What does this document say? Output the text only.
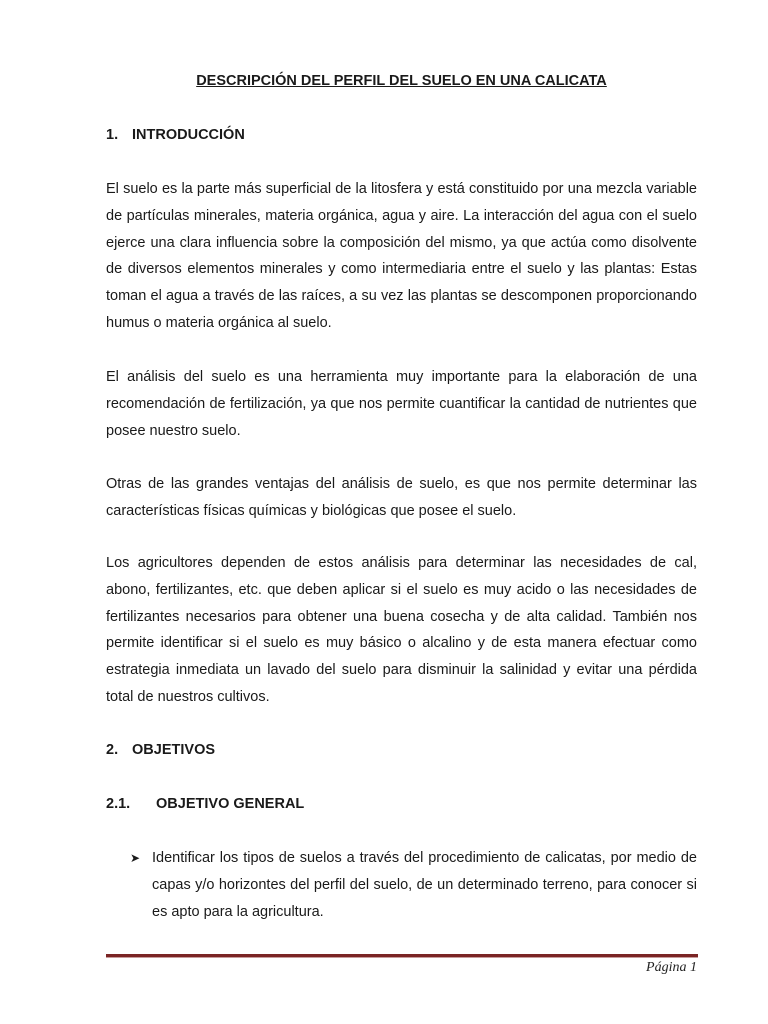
DESCRIPCIÓN DEL PERFIL DEL SUELO EN UNA CALICATA
1. INTRODUCCIÓN

El suelo es la parte más superficial de la litosfera y está constituido por una mezcla variable de partículas minerales, materia orgánica, agua y aire. La interacción del agua con el suelo ejerce una clara influencia sobre la composición del mismo, ya que actúa como disolvente de diversos elementos minerales y como intermediaria entre el suelo y las plantas: Estas toman el agua a través de las raíces, a su vez las plantas se descomponen proporcionando humus o materia orgánica al suelo.

El análisis del suelo es una herramienta muy importante para la elaboración de una recomendación de fertilización, ya que nos permite cuantificar la cantidad de nutrientes que posee nuestro suelo.

Otras de las grandes ventajas del análisis de suelo, es que nos permite determinar las características físicas químicas y biológicas que posee el suelo.

Los agricultores dependen de estos análisis para determinar las necesidades de cal, abono, fertilizantes, etc. que deben aplicar si el suelo es muy acido o las necesidades de fertilizantes necesarios para obtener una buena cosecha y de alta calidad. También nos permite identificar si el suelo es muy básico o alcalino y de esta manera efectuar como estrategia inmediata un lavado del suelo para disminuir la salinidad y evitar una pérdida total de nuestros cultivos.

2. OBJETIVOS
2.1. OBJETIVO GENERAL
➤ Identificar los tipos de suelos a través del procedimiento de calicatas, por medio de capas y/o horizontes del perfil del suelo, de un determinado terreno, para conocer si es apto para la agricultura.
Página 1
